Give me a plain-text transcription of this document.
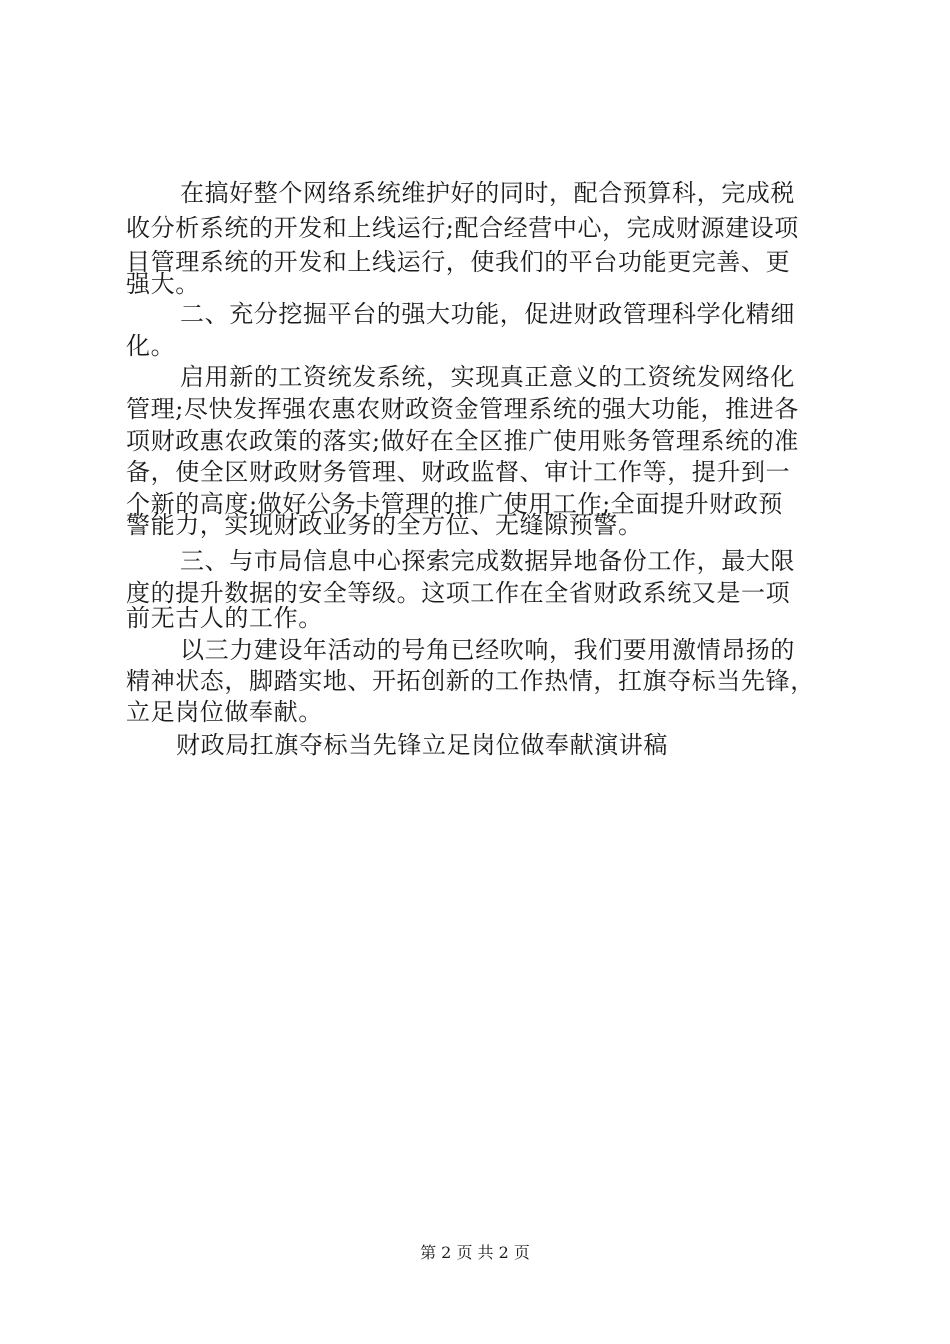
在搞好整个网络系统维护好的同时，配合预算科，完成税
收分析系统的开发和上线运行;配合经营中心，完成财源建设项
目管理系统的开发和上线运行，使我们的平台功能更完善、更
强大。
二、充分挖掘平台的强大功能，促进财政管理科学化精细
化。
启用新的工资统发系统，实现真正意义的工资统发网络化
管理;尽快发挥强农惠农财政资金管理系统的强大功能，推进各
项财政惠农政策的落实;做好在全区推广使用账务管理系统的准
备，使全区财政财务管理、财政监督、审计工作等，提升到一
个新的高度;做好公务卡管理的推广使用工作;全面提升财政预
警能力，实现财政业务的全方位、无缝隙预警。
三、与市局信息中心探索完成数据异地备份工作，最大限
度的提升数据的安全等级。这项工作在全省财政系统又是一项
前无古人的工作。
以三力建设年活动的号角已经吹响，我们要用激情昂扬的
精神状态，脚踏实地、开拓创新的工作热情，扛旗夺标当先锋，
立足岗位做奉献。
财政局扛旗夺标当先锋立足岗位做奉献演讲稿
第 2 页 共 2 页
